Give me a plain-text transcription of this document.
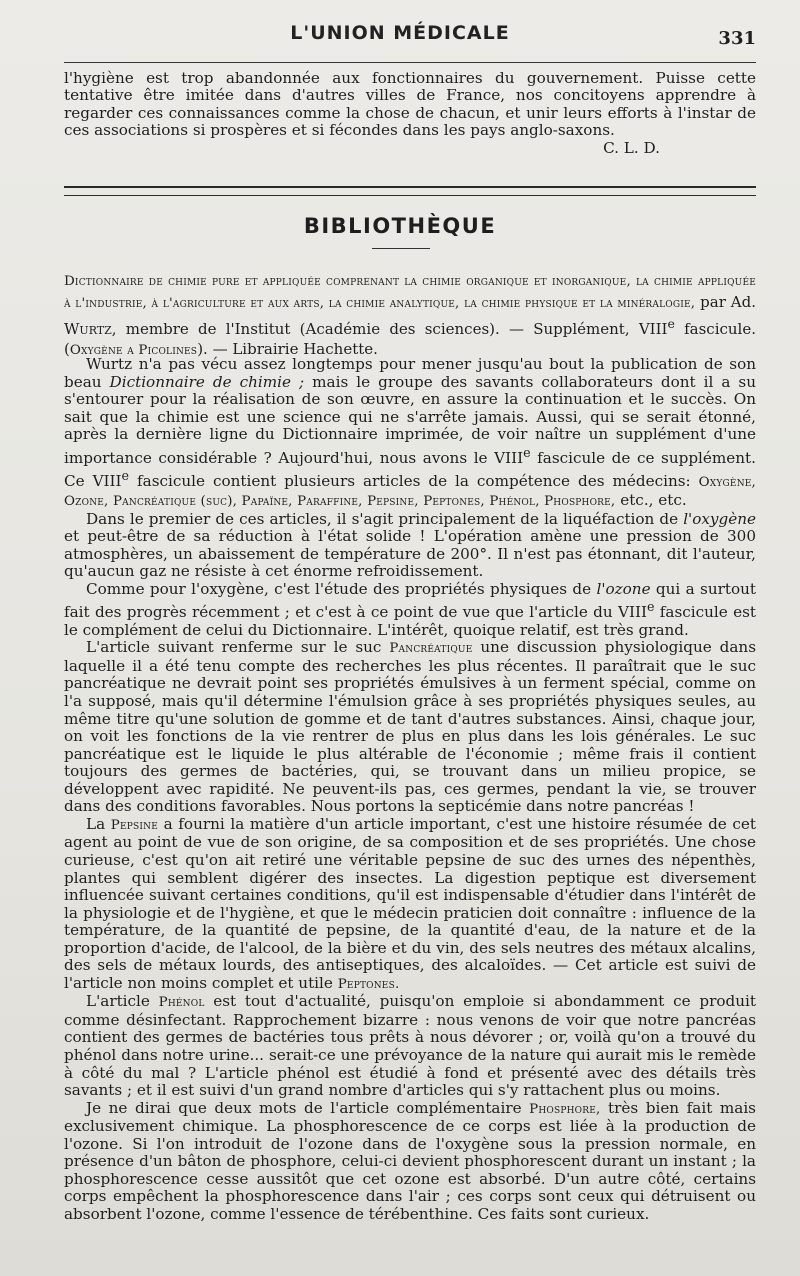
L'UNION MÉDICALE	331

l'hygiène est trop abandonnée aux fonctionnaires du gouvernement. Puisse cette tentative être imitée dans d'autres villes de France, nos concitoyens apprendre à regarder ces connaissances comme la chose de chacun, et unir leurs efforts à l'instar de ces associations si prospères et si fécondes dans les pays anglo-saxons.

C. L. D.

BIBLIOTHÈQUE

Dictionnaire de chimie pure et appliquée comprenant la chimie organique et inorganique, la chimie appliquée à l'industrie, à l'agriculture et aux arts, la chimie analytique, la chimie physique et la minéralogie, par Ad. Wurtz, membre de l'Institut (Académie des sciences). — Supplément, VIIIe fascicule. (Oxygène a Picolines). — Librairie Hachette.

Wurtz n'a pas vécu assez longtemps pour mener jusqu'au bout la publication de son beau Dictionnaire de chimie ; mais le groupe des savants collaborateurs dont il a su s'entourer pour la réalisation de son œuvre, en assure la continuation et le succès. On sait que la chimie est une science qui ne s'arrête jamais. Aussi, qui se serait étonné, après la dernière ligne du Dictionnaire imprimée, de voir naître un supplément d'une importance considérable ? Aujourd'hui, nous avons le VIIIe fascicule de ce supplément. Ce VIIIe fascicule contient plusieurs articles de la compétence des médecins: Oxygène, Ozone, Pancréatique (suc), Papaïne, Paraffine, Pepsine, Peptones, Phénol, Phosphore, etc., etc.

Dans le premier de ces articles, il s'agit principalement de la liquéfaction de l'oxygène et peut-être de sa réduction à l'état solide ! L'opération amène une pression de 300 atmosphères, un abaissement de température de 200°. Il n'est pas étonnant, dit l'auteur, qu'aucun gaz ne résiste à cet énorme refroidissement.

Comme pour l'oxygène, c'est l'étude des propriétés physiques de l'ozone qui a surtout fait des progrès récemment ; et c'est à ce point de vue que l'article du VIIIe fascicule est le complément de celui du Dictionnaire. L'intérêt, quoique relatif, est très grand.

L'article suivant renferme sur le suc Pancréatique une discussion physiologique dans laquelle il a été tenu compte des recherches les plus récentes. Il paraîtrait que le suc pancréatique ne devrait point ses propriétés émulsives à un ferment spécial, comme on l'a supposé, mais qu'il détermine l'émulsion grâce à ses propriétés physiques seules, au même titre qu'une solution de gomme et de tant d'autres substances. Ainsi, chaque jour, on voit les fonctions de la vie rentrer de plus en plus dans les lois générales. Le suc pancréatique est le liquide le plus altérable de l'économie ; même frais il contient toujours des germes de bactéries, qui, se trouvant dans un milieu propice, se développent avec rapidité. Ne peuvent-ils pas, ces germes, pendant la vie, se trouver dans des conditions favorables. Nous portons la septicémie dans notre pancréas !

La Pepsine a fourni la matière d'un article important, c'est une histoire résumée de cet agent au point de vue de son origine, de sa composition et de ses propriétés. Une chose curieuse, c'est qu'on ait retiré une véritable pepsine de suc des urnes des népenthès, plantes qui semblent digérer des insectes. La digestion peptique est diversement influencée suivant certaines conditions, qu'il est indispensable d'étudier dans l'intérêt de la physiologie et de l'hygiène, et que le médecin praticien doit connaître : influence de la température, de la quantité de pepsine, de la quantité d'eau, de la nature et de la proportion d'acide, de l'alcool, de la bière et du vin, des sels neutres des métaux alcalins, des sels de métaux lourds, des antiseptiques, des alcaloïdes. — Cet article est suivi de l'article non moins complet et utile Peptones.

L'article Phénol est tout d'actualité, puisqu'on emploie si abondamment ce produit comme désinfectant. Rapprochement bizarre : nous venons de voir que notre pancréas contient des germes de bactéries tous prêts à nous dévorer ; or, voilà qu'on a trouvé du phénol dans notre urine... serait-ce une prévoyance de la nature qui aurait mis le remède à côté du mal ? L'article phénol est étudié à fond et présenté avec des détails très savants ; et il est suivi d'un grand nombre d'articles qui s'y rattachent plus ou moins.

Je ne dirai que deux mots de l'article complémentaire Phosphore, très bien fait mais exclusivement chimique. La phosphorescence de ce corps est liée à la production de l'ozone. Si l'on introduit de l'ozone dans de l'oxygène sous la pression normale, en présence d'un bâton de phosphore, celui-ci devient phosphorescent durant un instant ; la phosphorescence cesse aussitôt que cet ozone est absorbé. D'un autre côté, certains corps empêchent la phosphorescence dans l'air ; ces corps sont ceux qui détruisent ou absorbent l'ozone, comme l'essence de térébenthine. Ces faits sont curieux.
